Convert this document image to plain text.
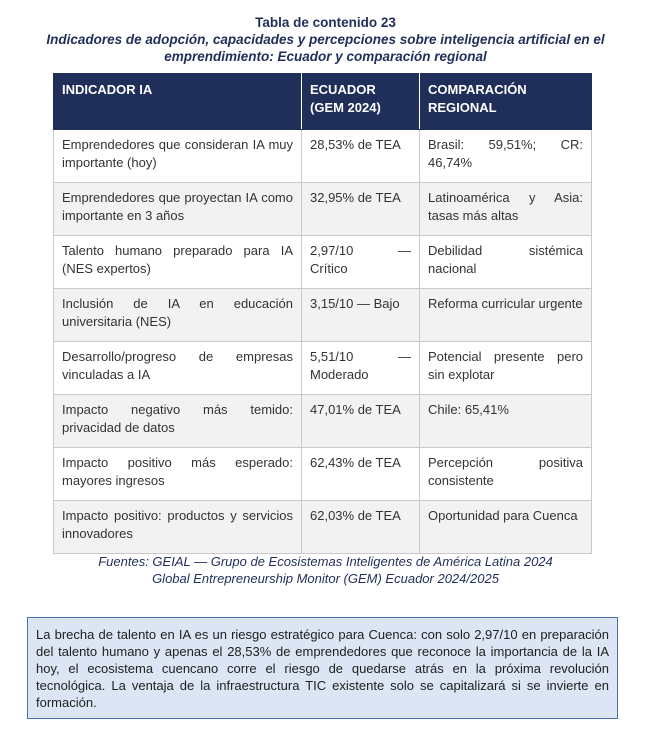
Tabla de contenido 23
Indicadores de adopción, capacidades y percepciones sobre inteligencia artificial en el emprendimiento: Ecuador y comparación regional
INDICADOR IA	ECUADOR (GEM 2024)	COMPARACIÓN REGIONAL
Emprendedores que consideran IA muy importante (hoy)	28,53% de TEA	Brasil: 59,51%; CR: 46,74%
Emprendedores que proyectan IA como importante en 3 años	32,95% de TEA	Latinoamérica y Asia: tasas más altas
Talento humano preparado para IA (NES expertos)	2,97/10 — Crítico	Debilidad sistémica nacional
Inclusión de IA en educación universitaria (NES)	3,15/10 — Bajo	Reforma curricular urgente
Desarrollo/progreso de empresas vinculadas a IA	5,51/10 — Moderado	Potencial presente pero sin explotar
Impacto negativo más temido: privacidad de datos	47,01% de TEA	Chile: 65,41%
Impacto positivo más esperado: mayores ingresos	62,43% de TEA	Percepción positiva consistente
Impacto positivo: productos y servicios innovadores	62,03% de TEA	Oportunidad para Cuenca
Fuentes: GEIAL — Grupo de Ecosistemas Inteligentes de América Latina 2024
Global Entrepreneurship Monitor (GEM) Ecuador 2024/2025
La brecha de talento en IA es un riesgo estratégico para Cuenca: con solo 2,97/10 en preparación del talento humano y apenas el 28,53% de emprendedores que reconoce la importancia de la IA hoy, el ecosistema cuencano corre el riesgo de quedarse atrás en la próxima revolución tecnológica. La ventaja de la infraestructura TIC existente solo se capitalizará si se invierte en formación.
